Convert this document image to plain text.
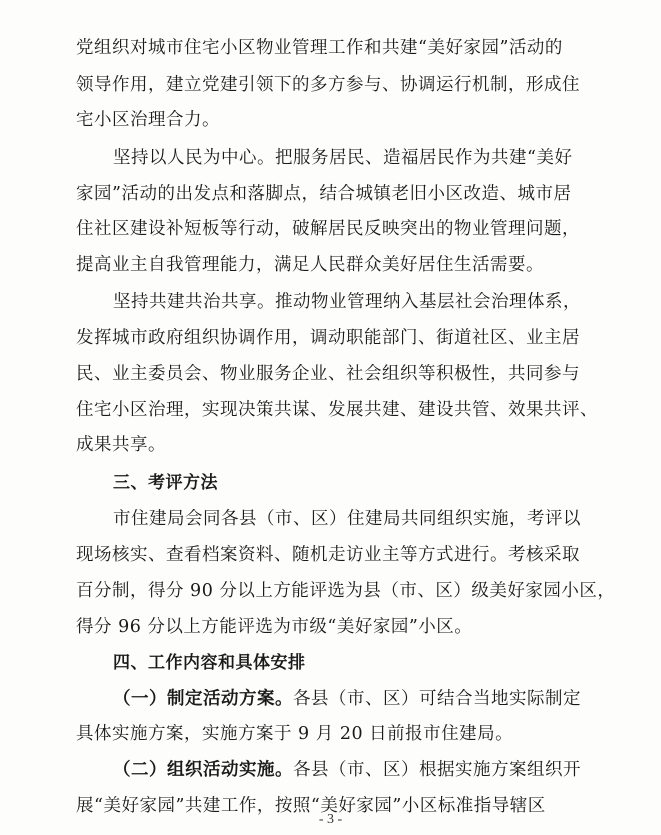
党组织对城市住宅小区物业管理工作和共建“美好家园”活动的
领导作用，建立党建引领下的多方参与、协调运行机制，形成住
宅小区治理合力。
坚持以人民为中心。把服务居民、造福居民作为共建“美好
家园”活动的出发点和落脚点，结合城镇老旧小区改造、城市居
住社区建设补短板等行动，破解居民反映突出的物业管理问题，
提高业主自我管理能力，满足人民群众美好居住生活需要。
坚持共建共治共享。推动物业管理纳入基层社会治理体系，
发挥城市政府组织协调作用，调动职能部门、街道社区、业主居
民、业主委员会、物业服务企业、社会组织等积极性，共同参与
住宅小区治理，实现决策共谋、发展共建、建设共管、效果共评、
成果共享。
三、考评方法
市住建局会同各县（市、区）住建局共同组织实施，考评以
现场核实、查看档案资料、随机走访业主等方式进行。考核采取
百分制，得分 90 分以上方能评选为县（市、区）级美好家园小区，
得分 96 分以上方能评选为市级“美好家园”小区。
四、工作内容和具体安排
（一）制定活动方案。各县（市、区）可结合当地实际制定
具体实施方案，实施方案于 9 月 20 日前报市住建局。
（二）组织活动实施。各县（市、区）根据实施方案组织开
展“美好家园”共建工作，按照“美好家园”小区标准指导辖区
- 3 -
